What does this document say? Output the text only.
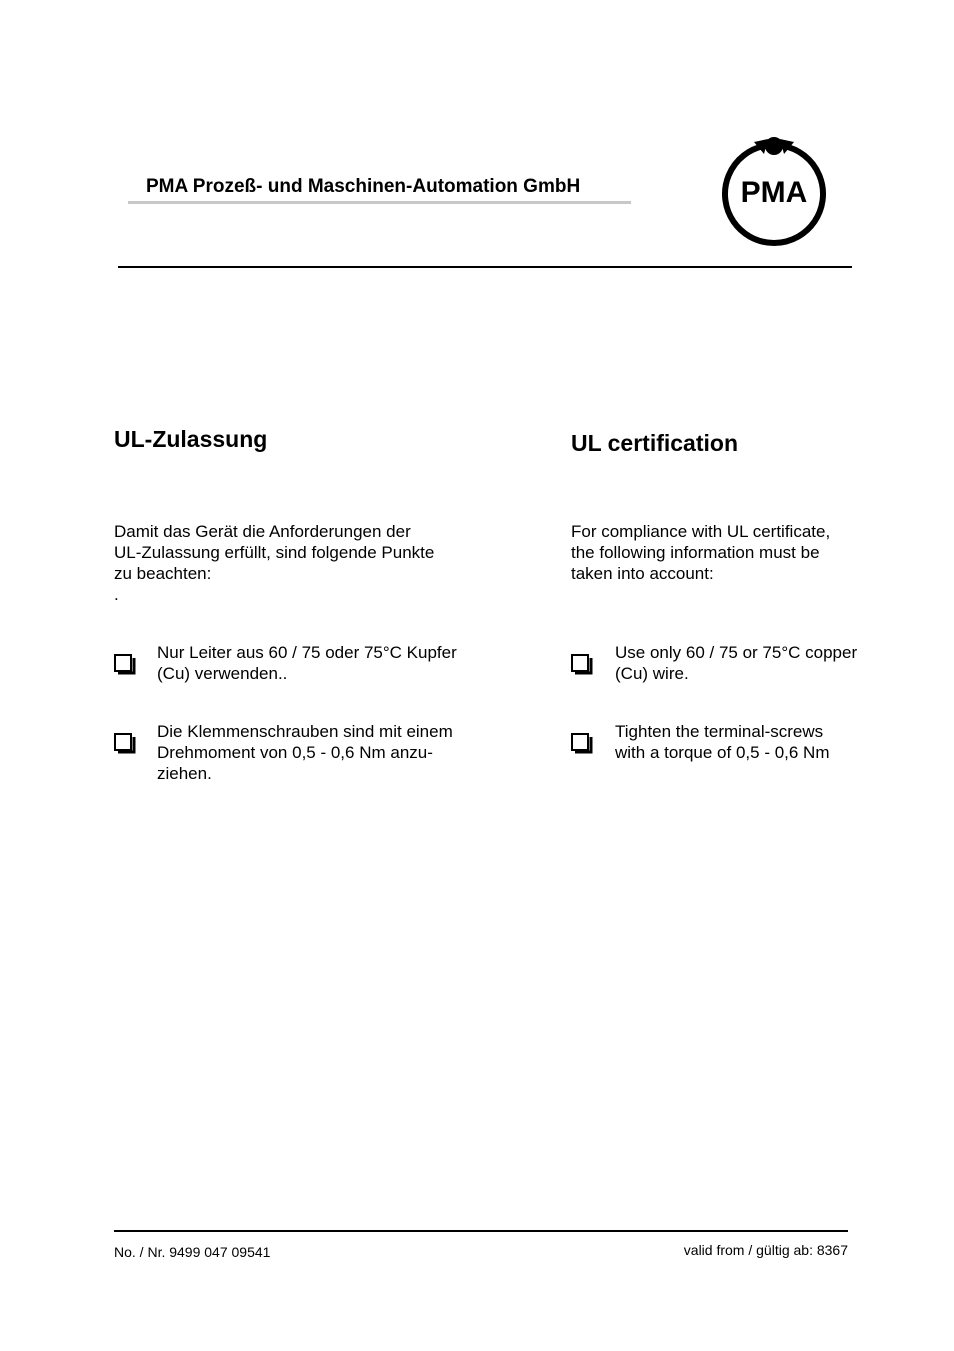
PMA Prozeß- und Maschinen-Automation GmbH	PMA
UL-Zulassung
Damit das Gerät die Anforderungen der
UL-Zulassung erfüllt, sind folgende Punkte
zu beachten:
.
Nur Leiter aus 60 / 75 oder 75°C Kupfer
(Cu) verwenden..
Die Klemmenschrauben sind mit einem
Drehmoment von 0,5 - 0,6 Nm anzu-
ziehen.
UL certification
For compliance with UL certificate,
the following information must be
taken into account:
Use only 60 / 75 or 75°C copper
(Cu) wire.
Tighten the terminal-screws
with a torque of 0,5 - 0,6 Nm
No. / Nr. 9499 047 09541	valid from / gültig ab: 8367
